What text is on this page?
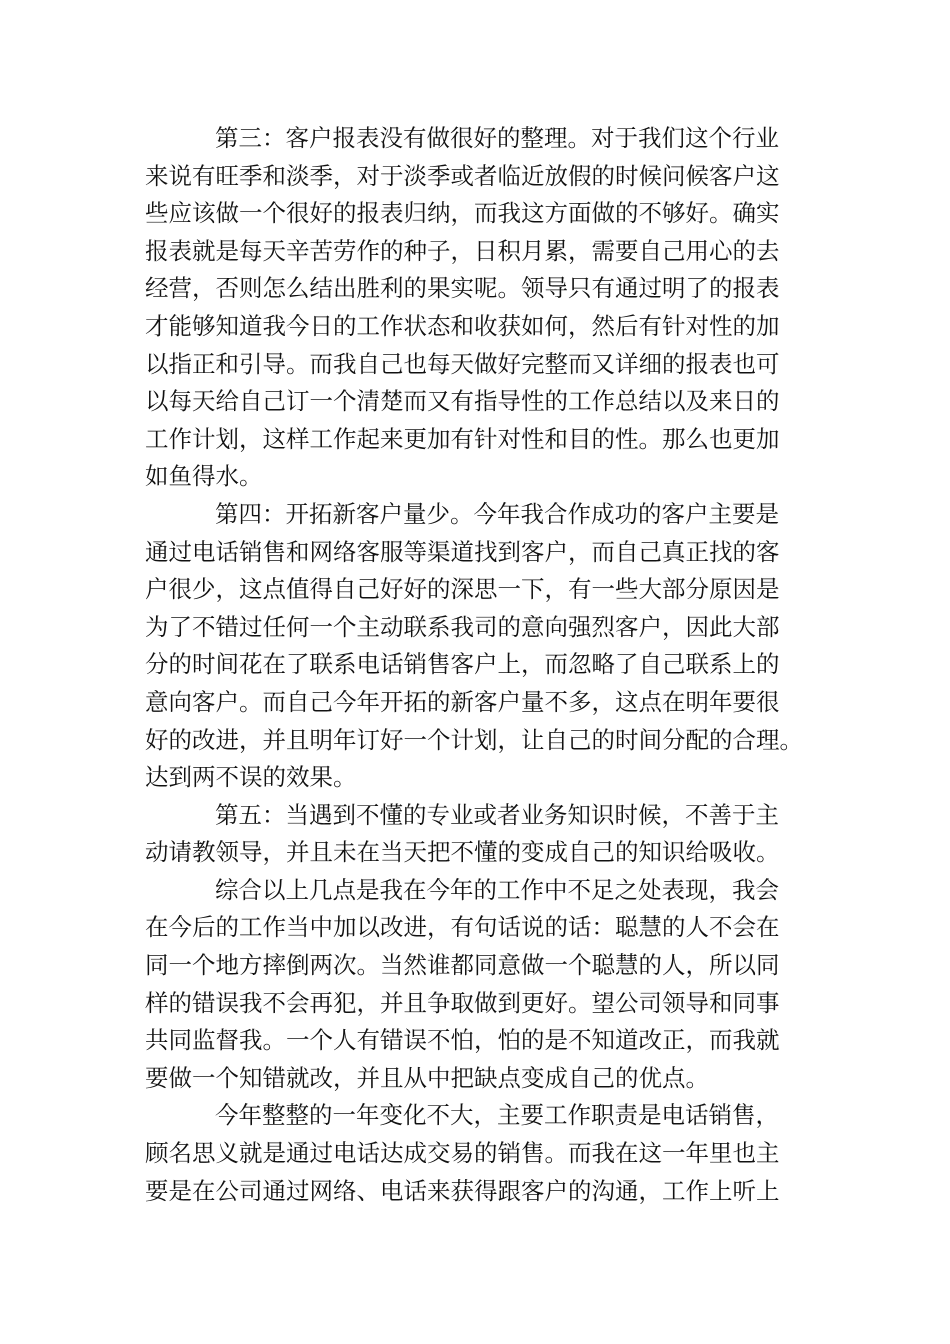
第三：客户报表没有做很好的整理。对于我们这个行业
来说有旺季和淡季，对于淡季或者临近放假的时候问候客户这
些应该做一个很好的报表归纳，而我这方面做的不够好。确实
报表就是每天辛苦劳作的种子，日积月累，需要自己用心的去
经营，否则怎么结出胜利的果实呢。领导只有通过明了的报表
才能够知道我今日的工作状态和收获如何，然后有针对性的加
以指正和引导。而我自己也每天做好完整而又详细的报表也可
以每天给自己订一个清楚而又有指导性的工作总结以及来日的
工作计划，这样工作起来更加有针对性和目的性。那么也更加
如鱼得水。
第四：开拓新客户量少。今年我合作成功的客户主要是
通过电话销售和网络客服等渠道找到客户，而自己真正找的客
户很少，这点值得自己好好的深思一下，有一些大部分原因是
为了不错过任何一个主动联系我司的意向强烈客户，因此大部
分的时间花在了联系电话销售客户上，而忽略了自己联系上的
意向客户。而自己今年开拓的新客户量不多，这点在明年要很
好的改进，并且明年订好一个计划，让自己的时间分配的合理。
达到两不误的效果。
第五：当遇到不懂的专业或者业务知识时候，不善于主
动请教领导，并且未在当天把不懂的变成自己的知识给吸收。
综合以上几点是我在今年的工作中不足之处表现，我会
在今后的工作当中加以改进，有句话说的话：聪慧的人不会在
同一个地方摔倒两次。当然谁都同意做一个聪慧的人，所以同
样的错误我不会再犯，并且争取做到更好。望公司领导和同事
共同监督我。一个人有错误不怕，怕的是不知道改正，而我就
要做一个知错就改，并且从中把缺点变成自己的优点。
今年整整的一年变化不大，主要工作职责是电话销售，
顾名思义就是通过电话达成交易的销售。而我在这一年里也主
要是在公司通过网络、电话来获得跟客户的沟通，工作上听上
